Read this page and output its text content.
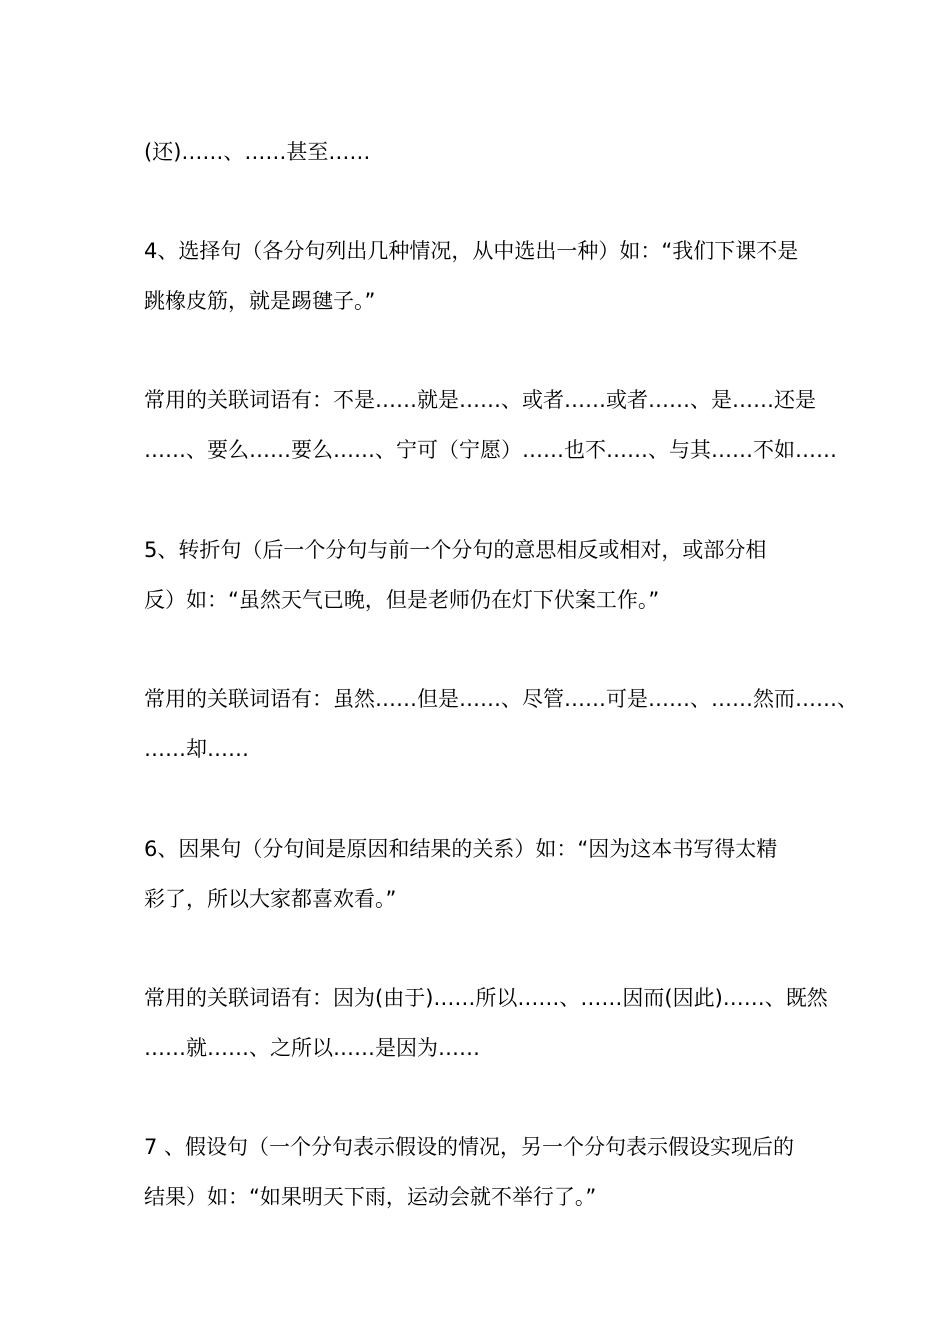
(还)……、……甚至……
4、选择句（各分句列出几种情况，从中选出一种）如：“我们下课不是
跳橡皮筋，就是踢毽子。”
常用的关联词语有：不是……就是……、或者……或者……、是……还是
……、要么……要么……、宁可（宁愿）……也不……、与其……不如……
5、转折句（后一个分句与前一个分句的意思相反或相对，或部分相
反）如：“虽然天气已晚，但是老师仍在灯下伏案工作。”
常用的关联词语有：虽然……但是……、尽管……可是……、……然而……、
……却……
6、因果句（分句间是原因和结果的关系）如：“因为这本书写得太精
彩了，所以大家都喜欢看。”
常用的关联词语有：因为(由于)……所以……、……因而(因此)……、既然
……就……、之所以……是因为……
7 、假设句（一个分句表示假设的情况，另一个分句表示假设实现后的
结果）如：“如果明天下雨，运动会就不举行了。”
